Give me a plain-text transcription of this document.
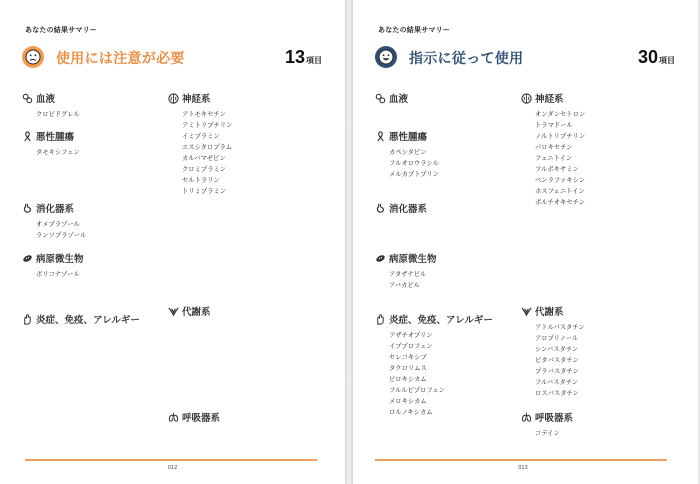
あなたの結果サマリー
使用には注意が必要	13項目
血液
クロピドグレル
悪性腫瘍
タモキシフェン
消化器系
オメプラゾール
ランソプラゾール
病原微生物
ボリコナゾール
炎症、免疫、アレルギー
神経系
アトモキセチン
アミトリプチリン
イミプラミン
エスシタロプラム
カルバマゼピン
クロミプラミン
セルトラリン
トリミプラミン
代謝系
呼吸器系
012
あなたの結果サマリー
指示に従って使用	30項目
血液
悪性腫瘍
カペシタビン
フルオロウラシル
メルカプトプリン
消化器系
病原微生物
アタザナビル
アバカビル
炎症、免疫、アレルギー
アザチオプリン
イブプロフェン
セレコキシブ
タクロリムス
ピロキシカム
フルルビプロフェン
メロキシカム
ロルノキシカム
神経系
オンダンセトロン
トラマドール
ノルトリプチリン
パロキセチン
フェニトイン
フルボキサミン
ベンラファキシン
ホスフェニトイン
ボルチオキセチン
代謝系
アトルバスタチン
アロプリノール
シンバスタチン
ピタバスタチン
プラバスタチン
フルバスタチン
ロスバスタチン
呼吸器系
コデイン
013
